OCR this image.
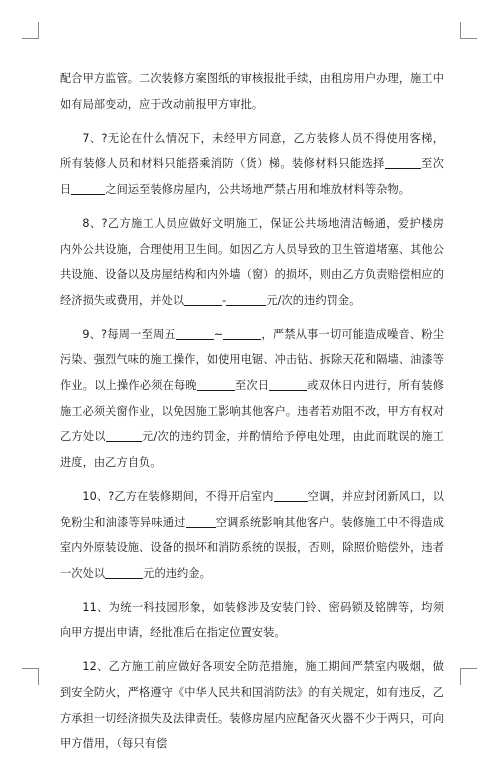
配合甲方监管。二次装修方案图纸的审核报批手续，由租房用户办理，施工中如有局部变动，应于改动前报甲方审批。

7、?无论在什么情况下，未经甲方同意，乙方装修人员不得使用客梯，所有装修人员和材料只能搭乘消防（货）梯。装修材料只能选择	至次日	之间运至装修房屋内，公共场地严禁占用和堆放材料等杂物。

8、?乙方施工人员应做好文明施工，保证公共场地清洁畅通，爱护楼房内外公共设施，合理使用卫生间。如因乙方人员导致的卫生管道堵塞、其他公共设施、设备以及房屋结构和内外墙（窗）的损坏，则由乙方负责赔偿相应的经济损失或费用，并处以	-	元/次的违约罚金。

9、?每周一至周五	~	，严禁从事一切可能造成噪音、粉尘污染、强烈气味的施工操作，如使用电锯、冲击钻、拆除天花和隔墙、油漆等作业。以上操作必须在每晚	至次日	或双休日内进行，所有装修施工必须关窗作业，以免因施工影响其他客户。违者若劝阻不改，甲方有权对乙方处以	元/次的违约罚金，并酌情给予停电处理，由此而耽误的施工进度，由乙方自负。

10、?乙方在装修期间，不得开启室内	空调，并应封闭新风口，以免粉尘和油漆等异味通过	空调系统影响其他客户。装修施工中不得造成室内外原装设施、设备的损坏和消防系统的误报，否则，除照价赔偿外，违者一次处以	元的违约金。

11、为统一科技园形象，如装修涉及安装门铃、密码锁及铭牌等，均须向甲方提出申请，经批准后在指定位置安装。

12、乙方施工前应做好各项安全防范措施，施工期间严禁室内吸烟，做到安全防火，严格遵守《中华人民共和国消防法》的有关规定，如有违反，乙方承担一切经济损失及法律责任。装修房屋内应配备灭火器不少于两只，可向甲方借用，（每只有偿
